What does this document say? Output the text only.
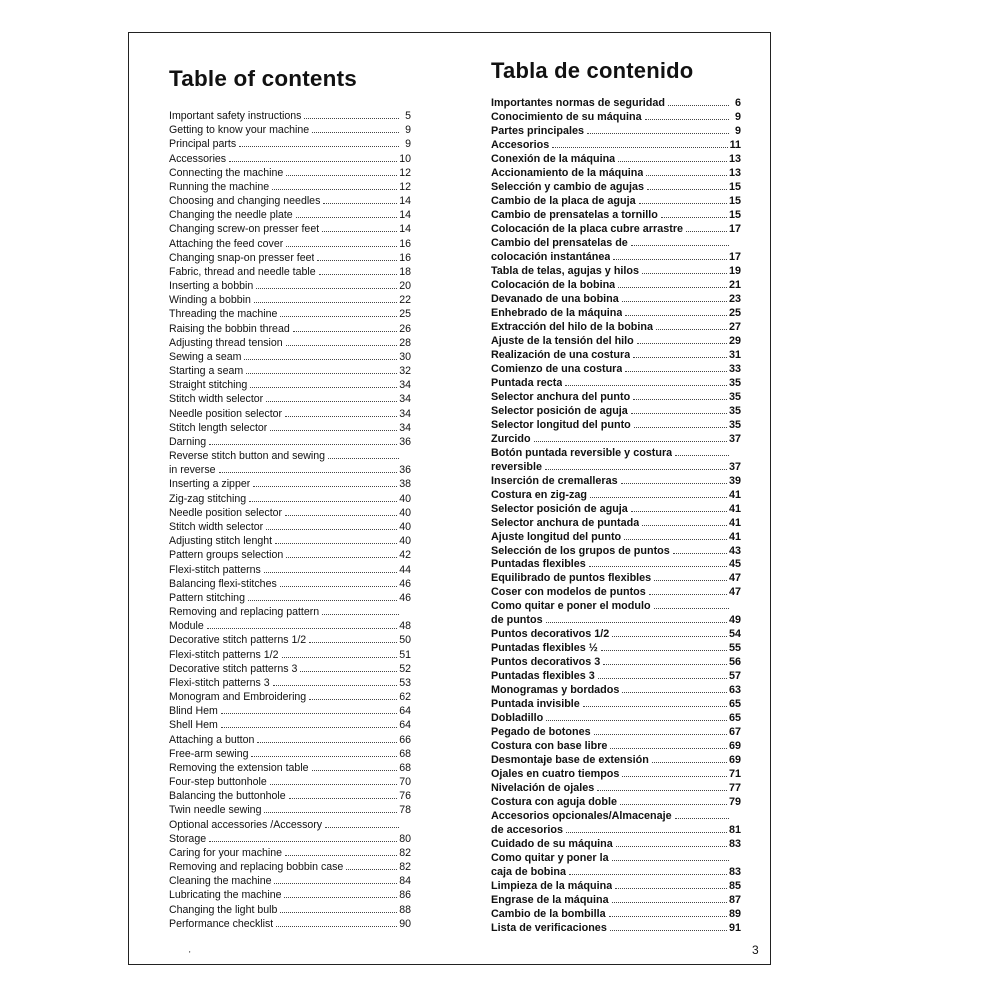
Table of contents
Important safety instructions	5
Getting to know your machine	9
Principal parts	9
Accessories	10
Connecting the machine	12
Running the machine	12
Choosing and changing needles	14
Changing the needle plate	14
Changing screw-on presser feet	14
Attaching the feed cover	16
Changing snap-on presser feet	16
Fabric, thread and needle table	18
Inserting a bobbin	20
Winding a bobbin	22
Threading the machine	25
Raising the bobbin thread	26
Adjusting thread tension	28
Sewing a seam	30
Starting a seam	32
Straight stitching	34
Stitch width selector	34
Needle position selector	34
Stitch length selector	34
Darning	36
Reverse stitch button and sewing
in reverse	36
Inserting a zipper	38
Zig-zag stitching	40
Needle position selector	40
Stitch width selector	40
Adjusting stitch lenght	40
Pattern groups selection	42
Flexi-stitch patterns	44
Balancing flexi-stitches	46
Pattern stitching	46
Removing and replacing pattern
Module	48
Decorative stitch patterns 1/2	50
Flexi-stitch patterns 1/2	51
Decorative stitch patterns 3	52
Flexi-stitch patterns 3	53
Monogram and Embroidering	62
Blind Hem	64
Shell Hem	64
Attaching a button	66
Free-arm sewing	68
Removing the extension table	68
Four-step buttonhole	70
Balancing the buttonhole	76
Twin needle sewing	78
Optional accessories /Accessory
Storage	80
Caring for your machine	82
Removing and replacing bobbin case	82
Cleaning the machine	84
Lubricating the machine	86
Changing the light bulb	88
Performance checklist	90
Tabla de contenido
Importantes normas de seguridad	6
Conocimiento de su máquina	9
Partes principales	9
Accesorios	11
Conexión de la máquina	13
Accionamiento de la máquina	13
Selección y cambio de agujas	15
Cambio de la placa de aguja	15
Cambio de prensatelas a tornillo	15
Colocación de la placa cubre arrastre	17
Cambio del prensatelas de
colocación instantánea	17
Tabla de telas, agujas y hilos	19
Colocación de la bobina	21
Devanado de una bobina	23
Enhebrado de la máquina	25
Extracción del hilo de la bobina	27
Ajuste de la tensión del hilo	29
Realización de una costura	31
Comienzo de una costura	33
Puntada recta	35
Selector anchura del punto	35
Selector posición de aguja	35
Selector longitud del punto	35
Zurcido	37
Botón puntada reversible y costura
reversible	37
Inserción de cremalleras	39
Costura en zig-zag	41
Selector posición de aguja	41
Selector anchura de puntada	41
Ajuste longitud del punto	41
Selección de los grupos de puntos	43
Puntadas flexibles	45
Equilibrado de puntos flexibles	47
Coser con modelos de puntos	47
Como quitar e poner el modulo
de puntos	49
Puntos decorativos 1/2	54
Puntadas flexibles ½	55
Puntos decorativos 3	56
Puntadas flexibles 3	57
Monogramas y bordados	63
Puntada invisible	65
Dobladillo	65
Pegado de botones	67
Costura con base libre	69
Desmontaje base de extensión	69
Ojales en cuatro tiempos	71
Nivelación de ojales	77
Costura con aguja doble	79
Accesorios opcionales/Almacenaje
de accesorios	81
Cuidado de su máquina	83
Como quitar y poner la
caja de bobina	83
Limpieza de la máquina	85
Engrase de la máquina	87
Cambio de la bombilla	89
Lista de verificaciones	91
3
'
